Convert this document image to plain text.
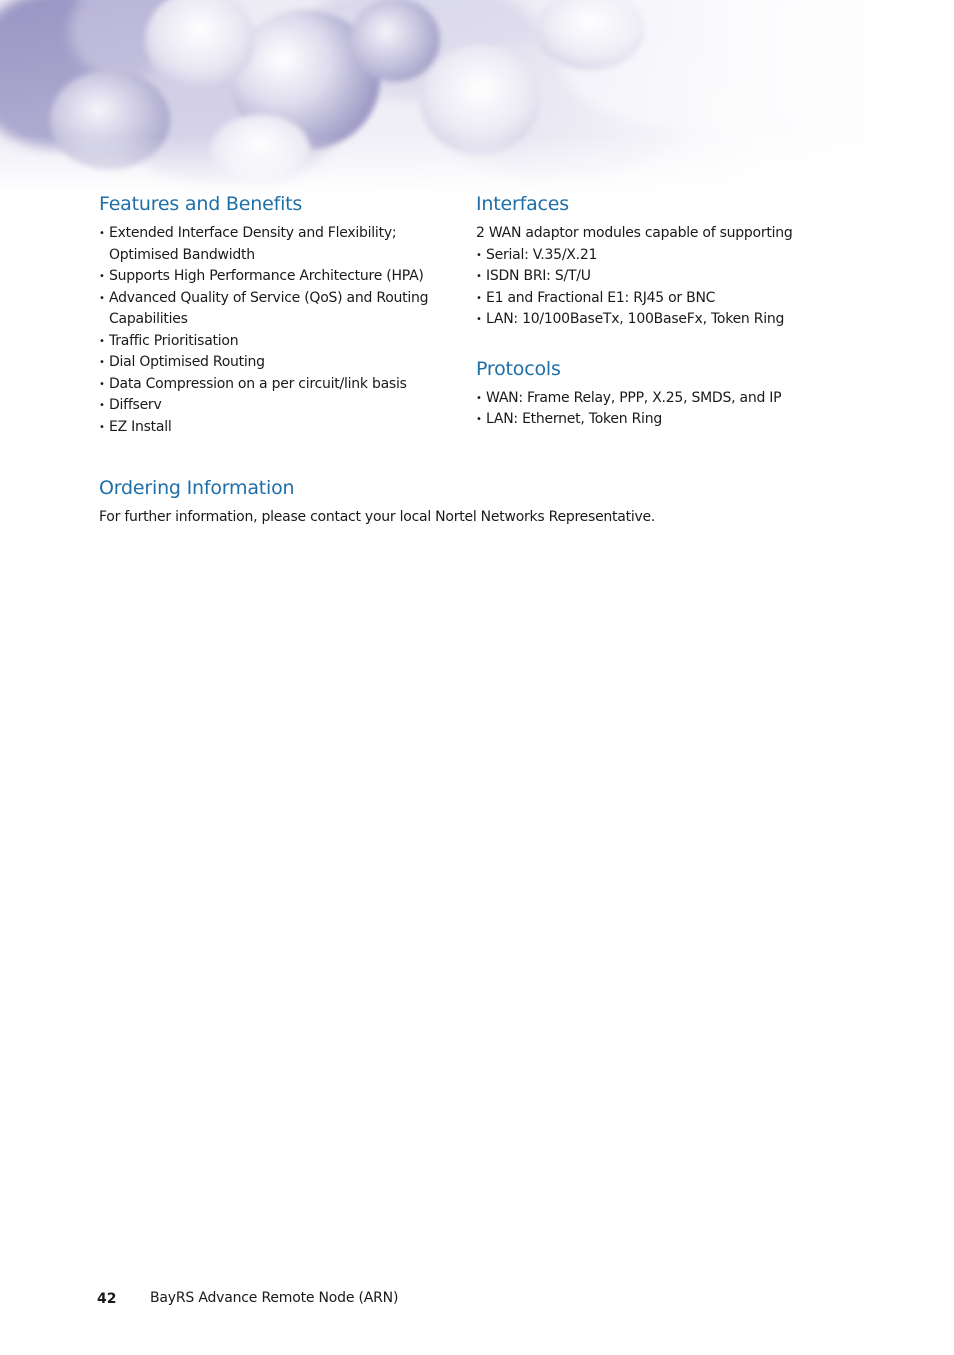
Features and Benefits
• Extended Interface Density and Flexibility; Optimised Bandwidth
• Supports High Performance Architecture (HPA)
• Advanced Quality of Service (QoS) and Routing Capabilities
• Traffic Prioritisation
• Dial Optimised Routing
• Data Compression on a per circuit/link basis
• Diffserv
• EZ Install
Interfaces

2 WAN adaptor modules capable of supporting

• Serial: V.35/X.21
• ISDN BRI: S/T/U
• E1 and Fractional E1: RJ45 or BNC
• LAN: 10/100BaseTx, 100BaseFx, Token Ring
Protocols
• WAN: Frame Relay, PPP, X.25, SMDS, and IP
• LAN: Ethernet, Token Ring
Ordering Information

For further information, please contact your local Nortel Networks Representative.

42 BayRS Advance Remote Node (ARN)
